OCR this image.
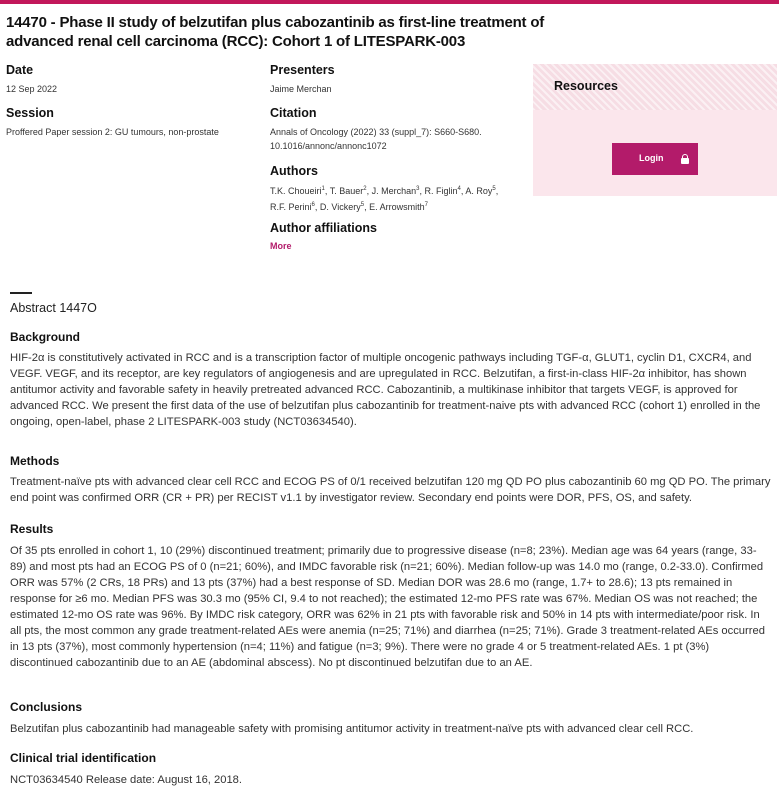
14470 - Phase II study of belzutifan plus cabozantinib as first-line treatment of advanced renal cell carcinoma (RCC): Cohort 1 of LITESPARK-003
Date
12 Sep 2022
Session
Proffered Paper session 2: GU tumours, non-prostate
Presenters
Jaime Merchan
Citation
Annals of Oncology (2022) 33 (suppl_7): S660-S680.
10.1016/annonc/annonc1072
Authors
T.K. Choueiri$^1$, T. Bauer$^2$, J. Merchan$^3$, R. Figlin$^4$, A. Roy$^5$, R.F. Perini$^6$, D. Vickery$^5$, E. Arrowsmith$^7$
Author affiliations
More
Resources
Login
Abstract 1447O
Background

HIF-2α is constitutively activated in RCC and is a transcription factor of multiple oncogenic pathways including TGF-α, GLUT1, cyclin D1, CXCR4, and VEGF. VEGF, and its receptor, are key regulators of angiogenesis and are upregulated in RCC. Belzutifan, a first-in-class HIF-2α inhibitor, has shown antitumor activity and favorable safety in heavily pretreated advanced RCC. Cabozantinib, a multikinase inhibitor that targets VEGF, is approved for advanced RCC. We present the first data of the use of belzutifan plus cabozantinib for treatment-naive pts with advanced RCC (cohort 1) enrolled in the ongoing, open-label, phase 2 LITESPARK-003 study (NCT03634540).

Methods

Treatment-naïve pts with advanced clear cell RCC and ECOG PS of 0/1 received belzutifan 120 mg QD PO plus cabozantinib 60 mg QD PO. The primary end point was confirmed ORR (CR + PR) per RECIST v1.1 by investigator review. Secondary end points were DOR, PFS, OS, and safety.

Results

Of 35 pts enrolled in cohort 1, 10 (29%) discontinued treatment; primarily due to progressive disease (n=8; 23%). Median age was 64 years (range, 33-89) and most pts had an ECOG PS of 0 (n=21; 60%), and IMDC favorable risk (n=21; 60%). Median follow-up was 14.0 mo (range, 0.2-33.0). Confirmed ORR was 57% (2 CRs, 18 PRs) and 13 pts (37%) had a best response of SD. Median DOR was 28.6 mo (range, 1.7+ to 28.6); 13 pts remained in response for ≥6 mo. Median PFS was 30.3 mo (95% CI, 9.4 to not reached); the estimated 12-mo PFS rate was 67%. Median OS was not reached; the estimated 12-mo OS rate was 96%. By IMDC risk category, ORR was 62% in 21 pts with favorable risk and 50% in 14 pts with intermediate/poor risk. In all pts, the most common any grade treatment-related AEs were anemia (n=25; 71%) and diarrhea (n=25; 71%). Grade 3 treatment-related AEs occurred in 13 pts (37%), most commonly hypertension (n=4; 11%) and fatigue (n=3; 9%). There were no grade 4 or 5 treatment-related AEs. 1 pt (3%) discontinued cabozantinib due to an AE (abdominal abscess). No pt discontinued belzutifan due to an AE.

Conclusions

Belzutifan plus cabozantinib had manageable safety with promising antitumor activity in treatment-naïve pts with advanced clear cell RCC.

Clinical trial identification

NCT03634540 Release date: August 16, 2018.
